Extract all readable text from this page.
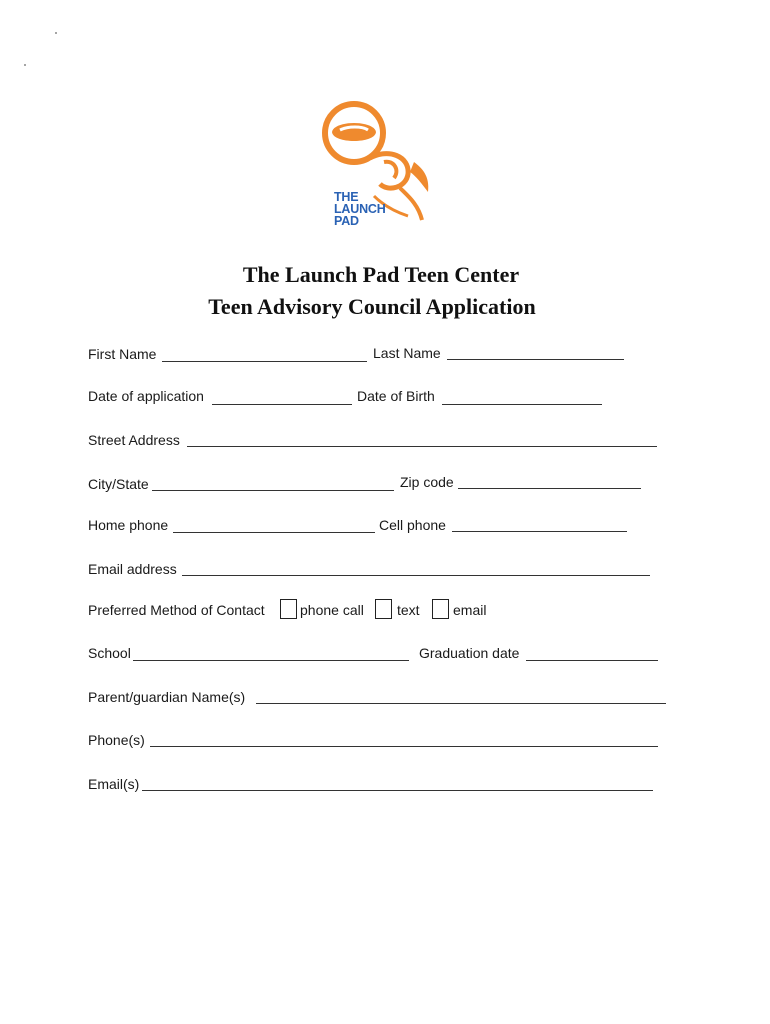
THE
LAUNCH
PAD
The Launch Pad Teen Center
Teen Advisory Council Application
First Name	Last Name
Date of application	Date of Birth
Street Address
City/State	Zip code
Home phone	Cell phone
Email address
Preferred Method of Contact	phone call text email
School	Graduation date
Parent/guardian Name(s)
Phone(s)
Email(s)
